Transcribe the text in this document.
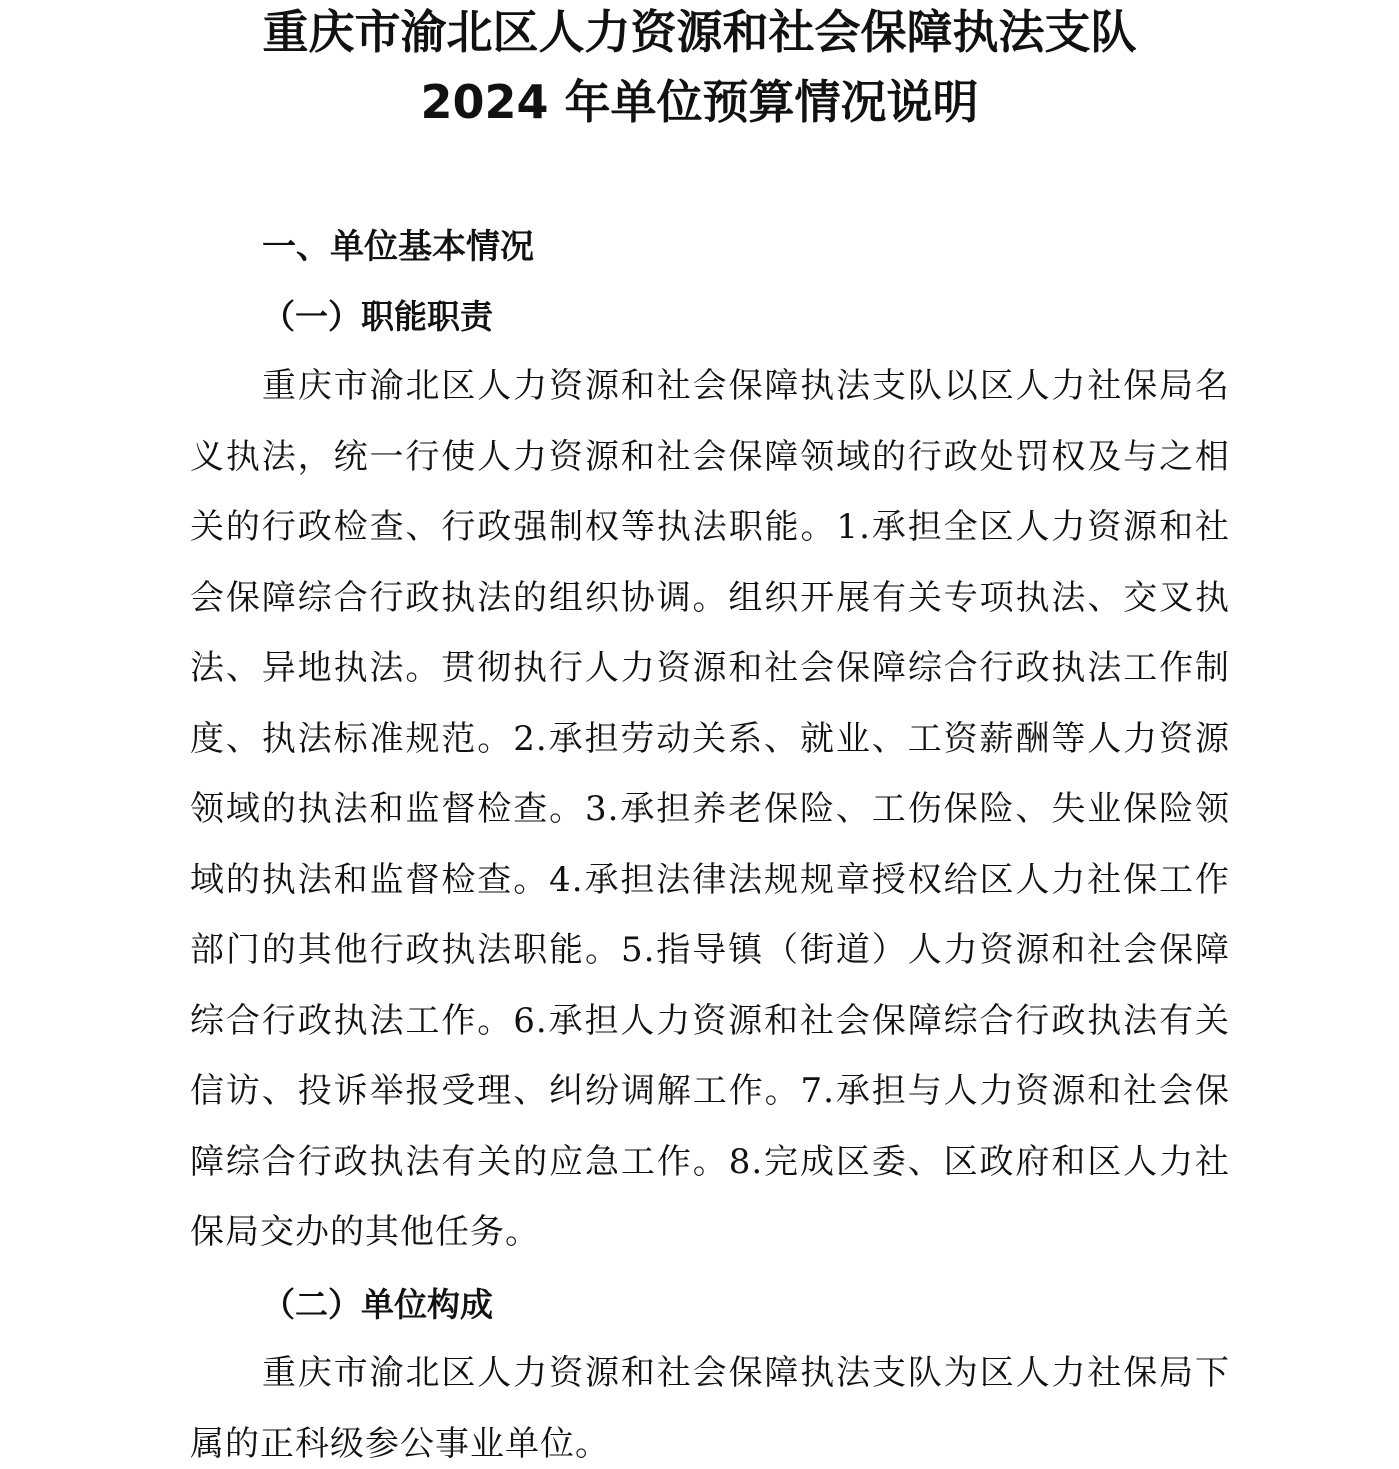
重庆市渝北区人力资源和社会保障执法支队
2024 年单位预算情况说明
一、单位基本情况
（一）职能职责

重庆市渝北区人力资源和社会保障执法支队以区人力社保局名义执法，统一行使人力资源和社会保障领域的行政处罚权及与之相关的行政检查、行政强制权等执法职能。1.承担全区人力资源和社会保障综合行政执法的组织协调。组织开展有关专项执法、交叉执法、异地执法。贯彻执行人力资源和社会保障综合行政执法工作制度、执法标准规范。2.承担劳动关系、就业、工资薪酬等人力资源领域的执法和监督检查。3.承担养老保险、工伤保险、失业保险领域的执法和监督检查。4.承担法律法规规章授权给区人力社保工作部门的其他行政执法职能。5.指导镇（街道）人力资源和社会保障综合行政执法工作。6.承担人力资源和社会保障综合行政执法有关信访、投诉举报受理、纠纷调解工作。7.承担与人力资源和社会保障综合行政执法有关的应急工作。8.完成区委、区政府和区人力社保局交办的其他任务。

（二）单位构成

重庆市渝北区人力资源和社会保障执法支队为区人力社保局下属的正科级参公事业单位。
